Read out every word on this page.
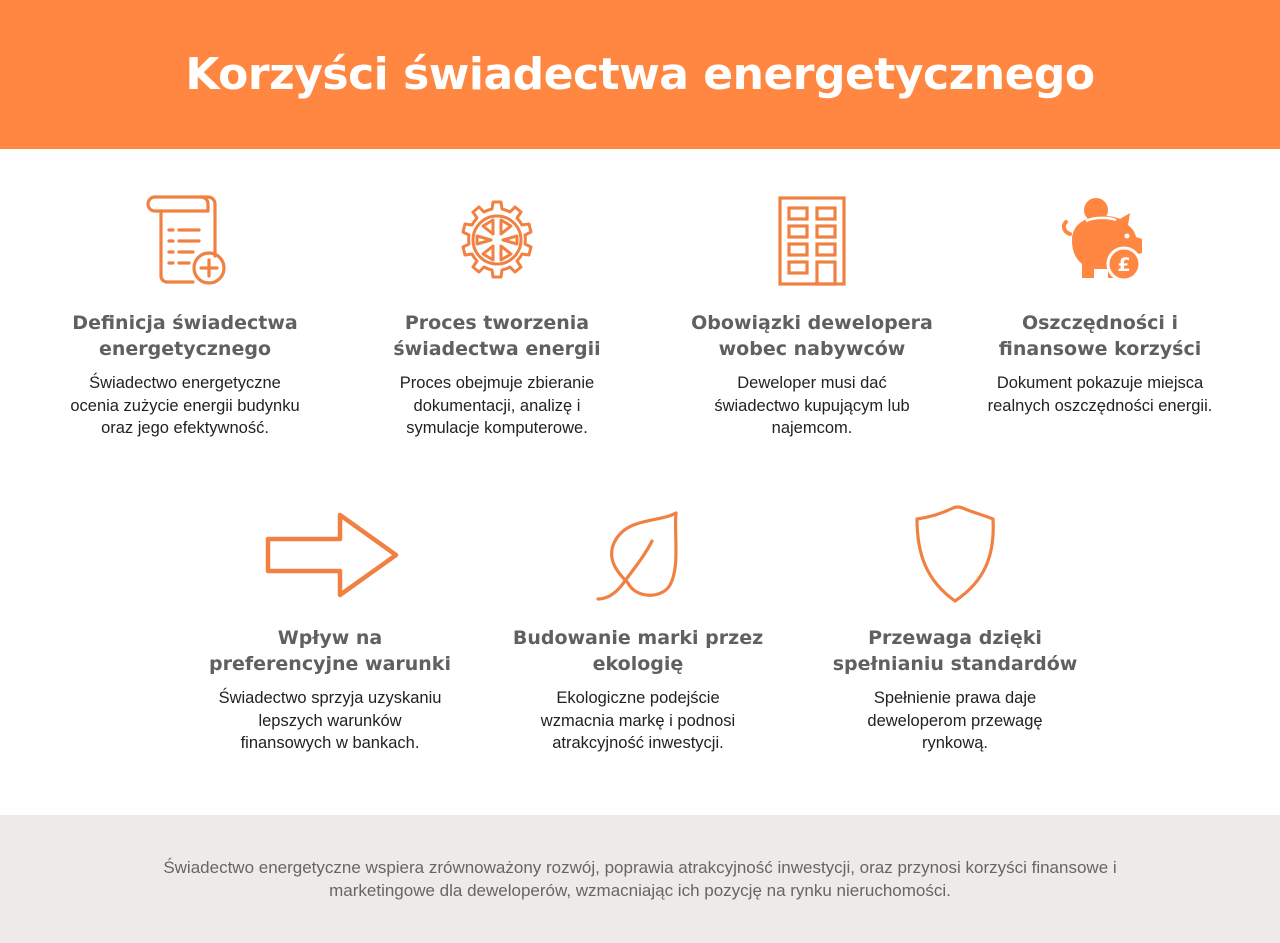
Korzyści świadectwa energetycznego
Definicja świadectwa
energetycznego

Świadectwo energetyczne
ocenia zużycie energii budynku
oraz jego efektywność.

Proces tworzenia
świadectwa energii

Proces obejmuje zbieranie
dokumentacji, analizę i
symulacje komputerowe.

Obowiązki dewelopera
wobec nabywców

Deweloper musi dać
świadectwo kupującym lub
najemcom.

£
Oszczędności i
finansowe korzyści

Dokument pokazuje miejsca
realnych oszczędności energii.

Wpływ na
preferencyjne warunki

Świadectwo sprzyja uzyskaniu
lepszych warunków
finansowych w bankach.

Budowanie marki przez
ekologię

Ekologiczne podejście
wzmacnia markę i podnosi
atrakcyjność inwestycji.

Przewaga dzięki
spełnianiu standardów

Spełnienie prawa daje
deweloperom przewagę
rynkową.

Świadectwo energetyczne wspiera zrównoważony rozwój, poprawia atrakcyjność inwestycji, oraz przynosi korzyści finansowe i
marketingowe dla deweloperów, wzmacniając ich pozycję na rynku nieruchomości.
